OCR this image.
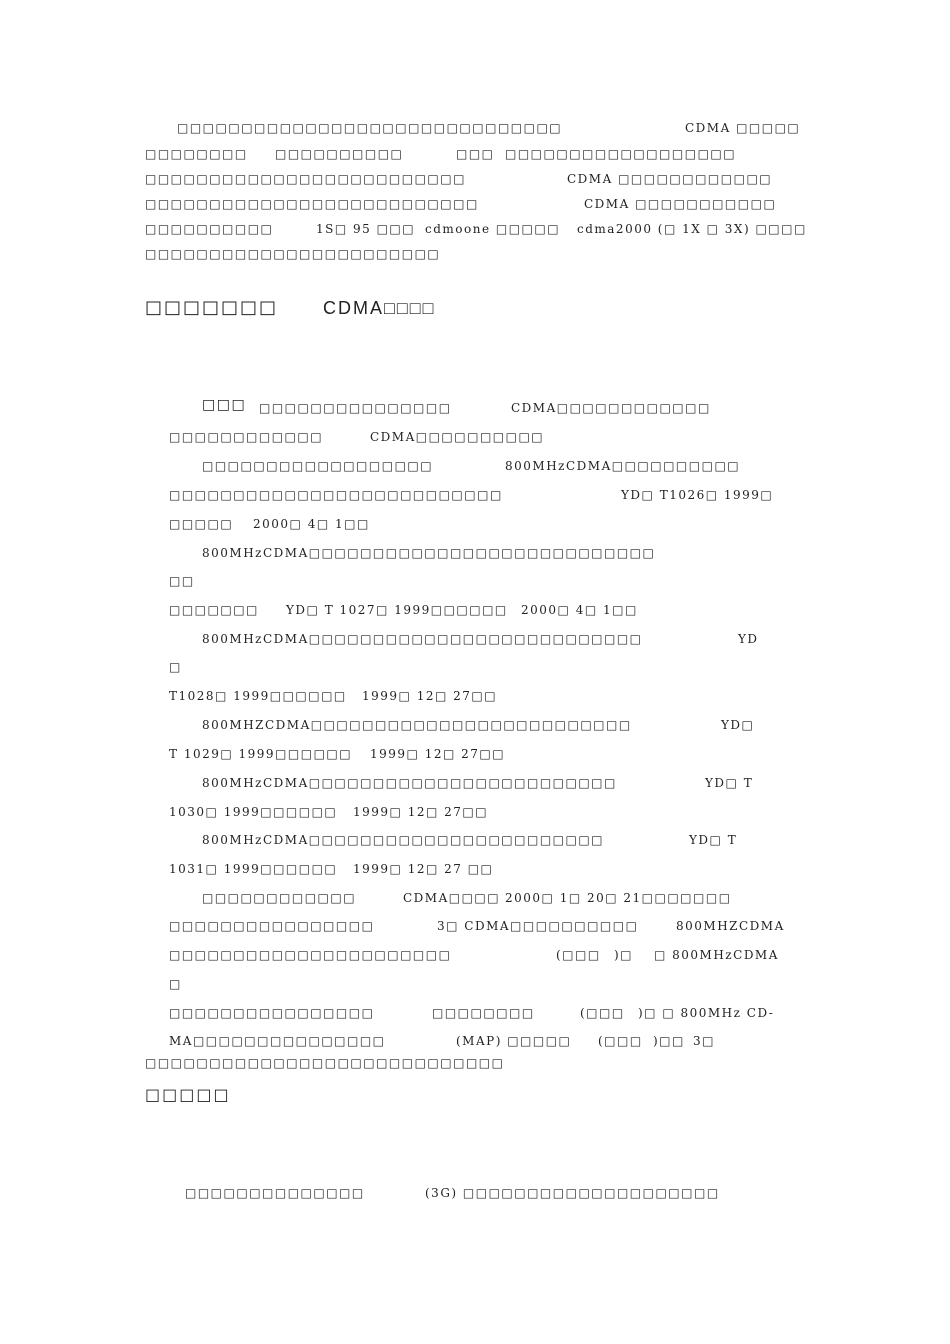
□□□□□□□□□□□□□□□□□□□□□□□□□□□□□□	CDMA □□□□□
□□□□□□□□ □□□□□□□□□□	□□□ □□□□□□□□□□□□□□□□□□
□□□□□□□□□□□□□□□□□□□□□□□□□	CDMA □□□□□□□□□□□□
□□□□□□□□□□□□□□□□□□□□□□□□□□	CDMA □□□□□□□□□□□
□□□□□□□□□□	1S□ 95 □□□ cdmoone □□□□□ cdma2000 (□ 1X □ 3X) □□□□
□□□□□□□□□□□□□□□□□□□□□□□
□□□□□□□ CDMA□□□□
□□□ □□□□□□□□□□□□□□□	CDMA□□□□□□□□□□□□
□□□□□□□□□□□□	CDMA□□□□□□□□□□
□□□□□□□□□□□□□□□□□□	800MHzCDMA□□□□□□□□□□
□□□□□□□□□□□□□□□□□□□□□□□□□□	YD□ T1026□ 1999□
□□□□□ 2000□ 4□ 1□□
800MHzCDMA□□□□□□□□□□□□□□□□□□□□□□□□□□□
□□
□□□□□□□ YD□ T 1027□ 1999□□□□□□ 2000□ 4□ 1□□
800MHzCDMA□□□□□□□□□□□□□□□□□□□□□□□□□□	YD
□
T1028□ 1999□□□□□□ 1999□ 12□ 27□□
800MHZCDMA□□□□□□□□□□□□□□□□□□□□□□□□□	YD□
T 1029□ 1999□□□□□□ 1999□ 12□ 27□□
800MHzCDMA□□□□□□□□□□□□□□□□□□□□□□□□	YD□ T
1030□ 1999□□□□□□ 1999□ 12□ 27□□
800MHzCDMA□□□□□□□□□□□□□□□□□□□□□□□	YD□ T
1031□ 1999□□□□□□ 1999□ 12□ 27 □□
□□□□□□□□□□□□	CDMA□□□□ 2000□ 1□ 20□ 21□□□□□□□
□□□□□□□□□□□□□□□□	3□ CDMA□□□□□□□□□□	800MHZCDMA
□□□□□□□□□□□□□□□□□□□□□□	(□□□ )□ □ 800MHzCDMA
□
□□□□□□□□□□□□□□□□	□□□□□□□□	(□□□ )□ □ 800MHz CD-
MA□□□□□□□□□□□□□□□	(MAP) □□□□□ (□□□ )□□ 3□
□□□□□□□□□□□□□□□□□□□□□□□□□□□□
□□□□□
□□□□□□□□□□□□□□	(3G) □□□□□□□□□□□□□□□□□□□□
